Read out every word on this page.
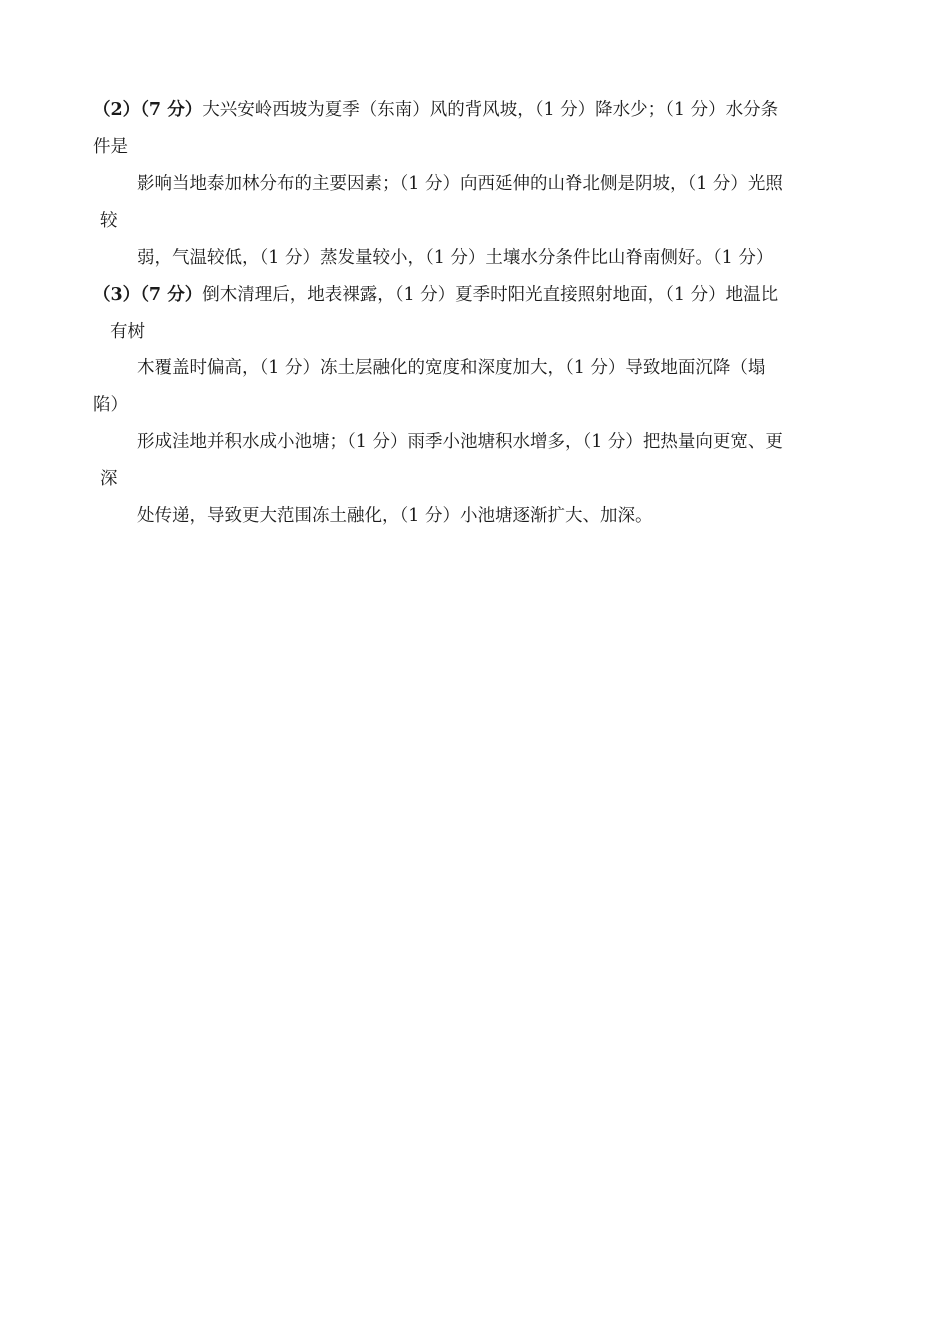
（2）（7 分）大兴安岭西坡为夏季（东南）风的背风坡，（1 分）降水少；（1 分）水分条
件是
影响当地泰加林分布的主要因素；（1 分）向西延伸的山脊北侧是阴坡，（1 分）光照
较
弱，气温较低，（1 分）蒸发量较小，（1 分）土壤水分条件比山脊南侧好。（1 分）
（3）（7 分）倒木清理后，地表裸露，（1 分）夏季时阳光直接照射地面，（1 分）地温比
有树
木覆盖时偏高，（1 分）冻土层融化的宽度和深度加大，（1 分）导致地面沉降（塌
陷）
形成洼地并积水成小池塘；（1 分）雨季小池塘积水增多，（1 分）把热量向更宽、更
深
处传递，导致更大范围冻土融化，（1 分）小池塘逐渐扩大、加深。
